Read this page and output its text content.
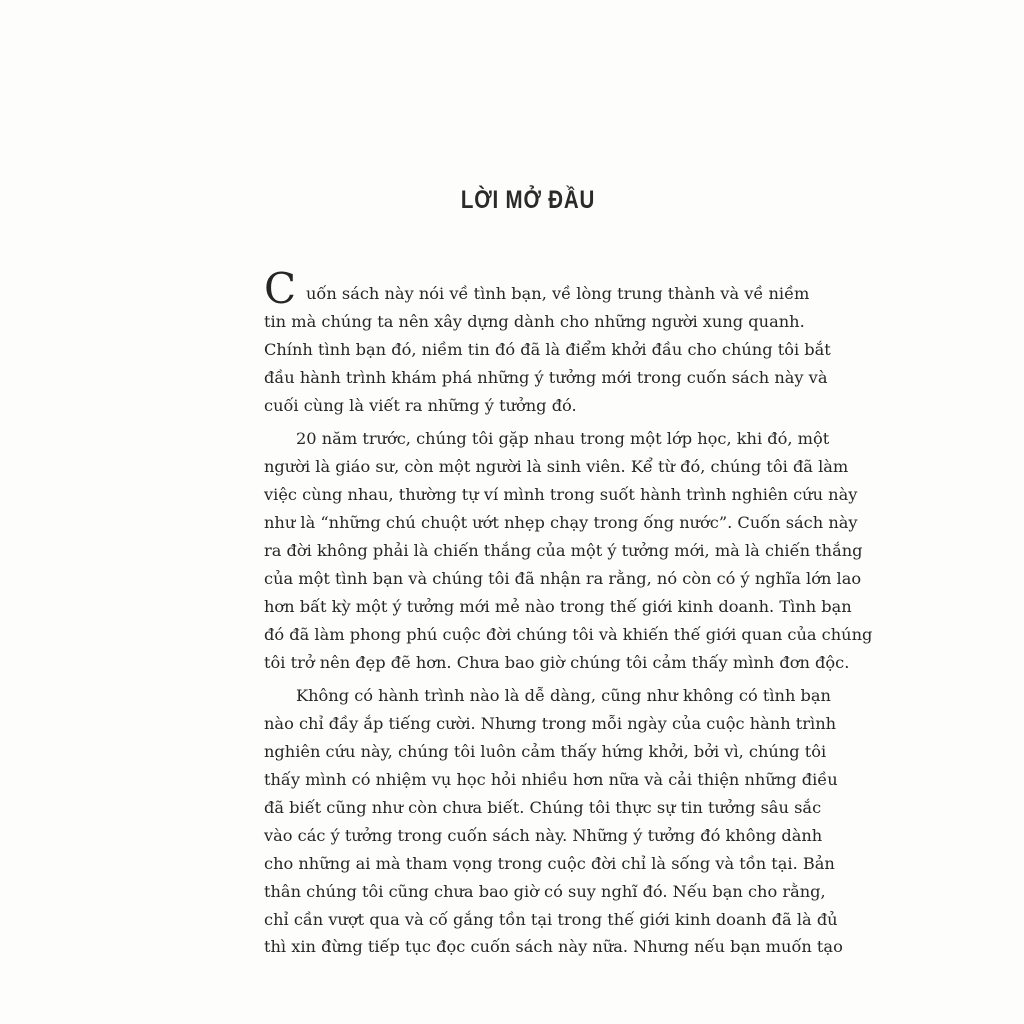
LỜI MỞ ĐẦU
C uốn sách này nói về tình bạn, về lòng trung thành và về niềm
tin mà chúng ta nên xây dựng dành cho những người xung quanh.
Chính tình bạn đó, niềm tin đó đã là điểm khởi đầu cho chúng tôi bắt
đầu hành trình khám phá những ý tưởng mới trong cuốn sách này và
cuối cùng là viết ra những ý tưởng đó.
20 năm trước, chúng tôi gặp nhau trong một lớp học, khi đó, một
người là giáo sư, còn một người là sinh viên. Kể từ đó, chúng tôi đã làm
việc cùng nhau, thường tự ví mình trong suốt hành trình nghiên cứu này
như là “những chú chuột ướt nhẹp chạy trong ống nước”. Cuốn sách này
ra đời không phải là chiến thắng của một ý tưởng mới, mà là chiến thắng
của một tình bạn và chúng tôi đã nhận ra rằng, nó còn có ý nghĩa lớn lao
hơn bất kỳ một ý tưởng mới mẻ nào trong thế giới kinh doanh. Tình bạn
đó đã làm phong phú cuộc đời chúng tôi và khiến thế giới quan của chúng
tôi trở nên đẹp đẽ hơn. Chưa bao giờ chúng tôi cảm thấy mình đơn độc.
Không có hành trình nào là dễ dàng, cũng như không có tình bạn
nào chỉ đầy ắp tiếng cười. Nhưng trong mỗi ngày của cuộc hành trình
nghiên cứu này, chúng tôi luôn cảm thấy hứng khởi, bởi vì, chúng tôi
thấy mình có nhiệm vụ học hỏi nhiều hơn nữa và cải thiện những điều
đã biết cũng như còn chưa biết. Chúng tôi thực sự tin tưởng sâu sắc
vào các ý tưởng trong cuốn sách này. Những ý tưởng đó không dành
cho những ai mà tham vọng trong cuộc đời chỉ là sống và tồn tại. Bản
thân chúng tôi cũng chưa bao giờ có suy nghĩ đó. Nếu bạn cho rằng,
chỉ cần vượt qua và cố gắng tồn tại trong thế giới kinh doanh đã là đủ
thì xin đừng tiếp tục đọc cuốn sách này nữa. Nhưng nếu bạn muốn tạo
